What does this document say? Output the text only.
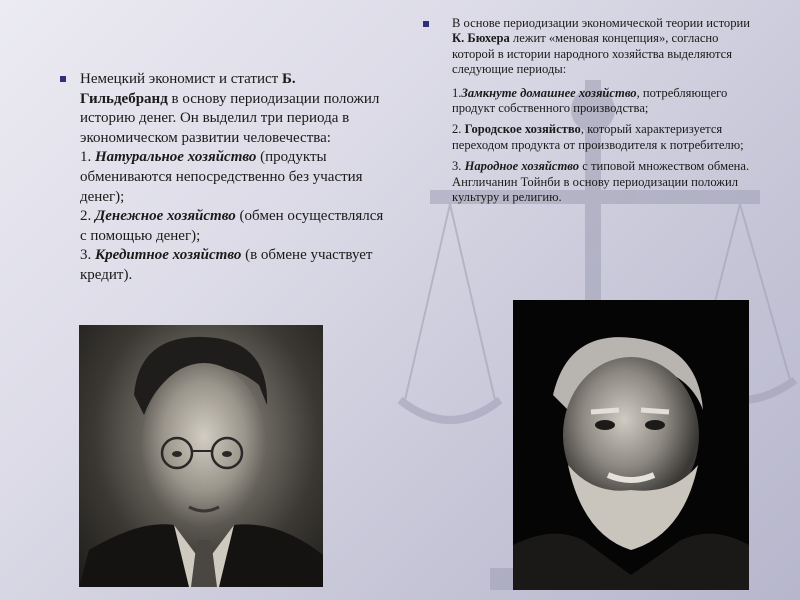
Немецкий экономист и статист Б. Гильдебранд в основу периодизации положил историю денег. Он выделил три периода в экономическом развитии человечества:

1. Натуральное хозяйство (продукты обмениваются непосредственно без участия денег);

2. Денежное хозяйство (обмен осуществлялся с помощью денег);

3. Кредитное хозяйство (в обмене участвует кредит).

В основе периодизации экономической теории истории К. Бюхера лежит «меновая концепция», согласно которой в истории народного хозяйства выделяются следующие периоды:

1.Замкнуте домашнее хозяйство, потребляющего продукт собственного производства;

2. Городское хозяйство, который характеризуется переходом продукта от производителя к потребителю;

3. Народное хозяйство с типовой множеством обмена. Англичанин Тойнби в основу периодизации положил культуру и религию.
